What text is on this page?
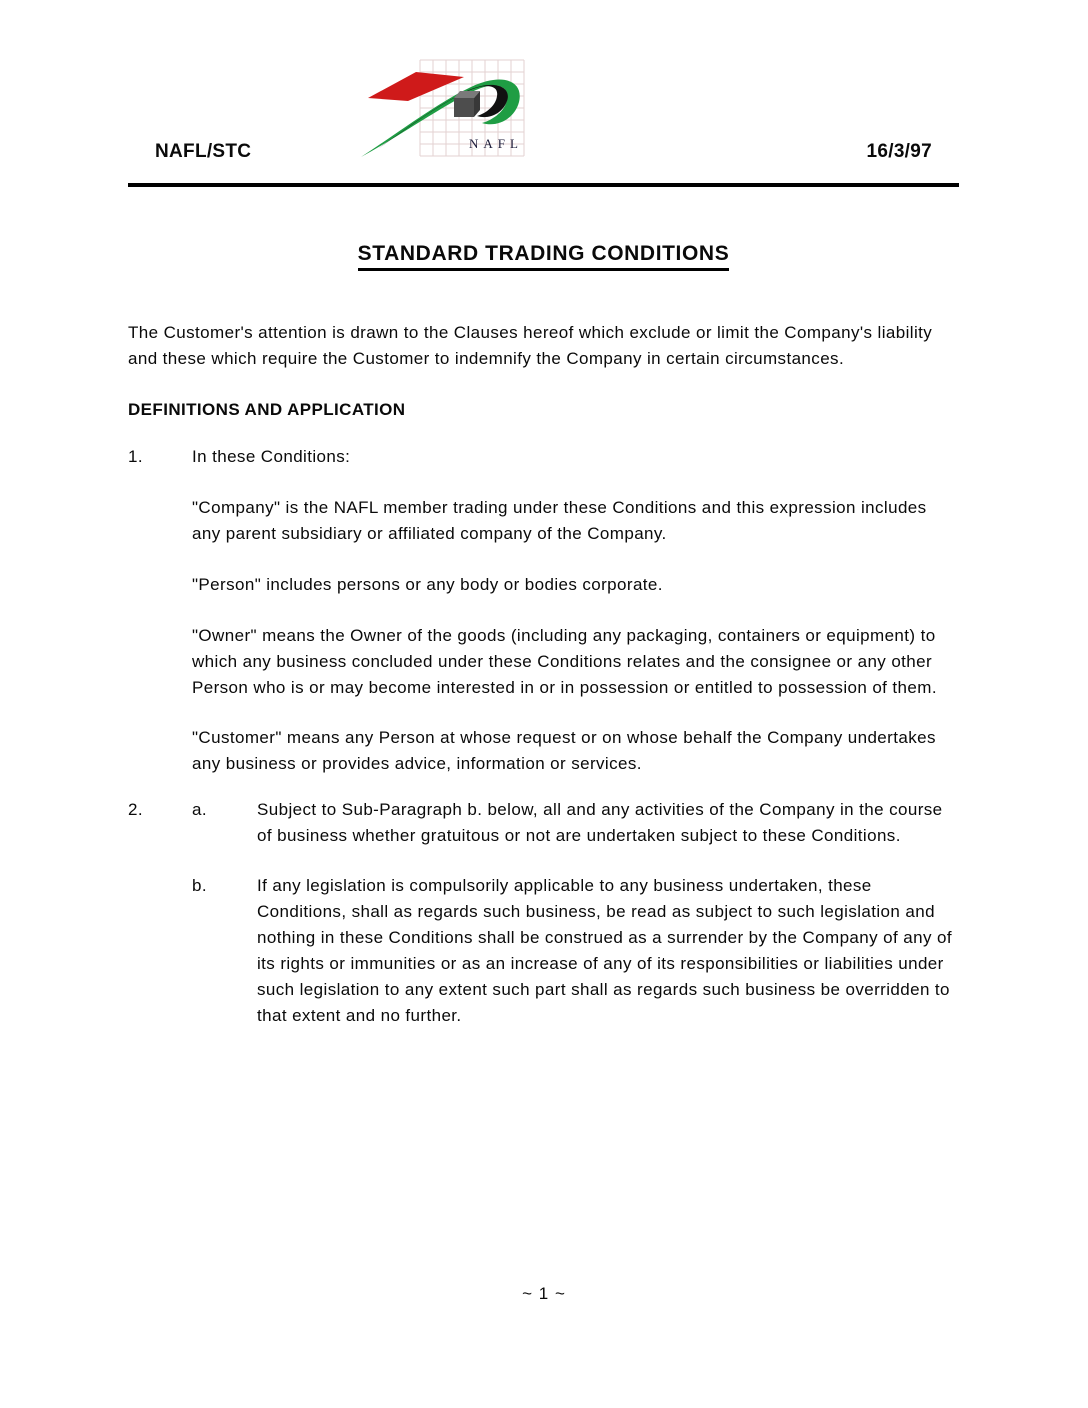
NAFL/STC	NAFL	16/3/97
STANDARD TRADING CONDITIONS

The Customer's attention is drawn to the Clauses hereof which exclude or limit the Company's liability and these which require the Customer to indemnify the Company in certain circumstances.

DEFINITIONS AND APPLICATION
1.	In these Conditions:

"Company" is the NAFL member trading under these Conditions and this expression includes any parent subsidiary or affiliated company of the Company.

"Person" includes persons or any body or bodies corporate.

"Owner" means the Owner of the goods (including any packaging, containers or equipment) to which any business concluded under these Conditions relates and the consignee or any other Person who is or may become interested in or in possession or entitled to possession of them.

"Customer" means any Person at whose request or on whose behalf the Company undertakes any business or provides advice, information or services.

2.	a.	Subject to Sub-Paragraph b. below, all and any activities of the Company in the course of business whether gratuitous or not are undertaken subject to these Conditions.

b.	If any legislation is compulsorily applicable to any business undertaken, these Conditions, shall as regards such business, be read as subject to such legislation and nothing in these Conditions shall be construed as a surrender by the Company of any of its rights or immunities or as an increase of any of its responsibilities or liabilities under such legislation to any extent such part shall as regards such business be overridden to that extent and no further.

~ 1 ~
